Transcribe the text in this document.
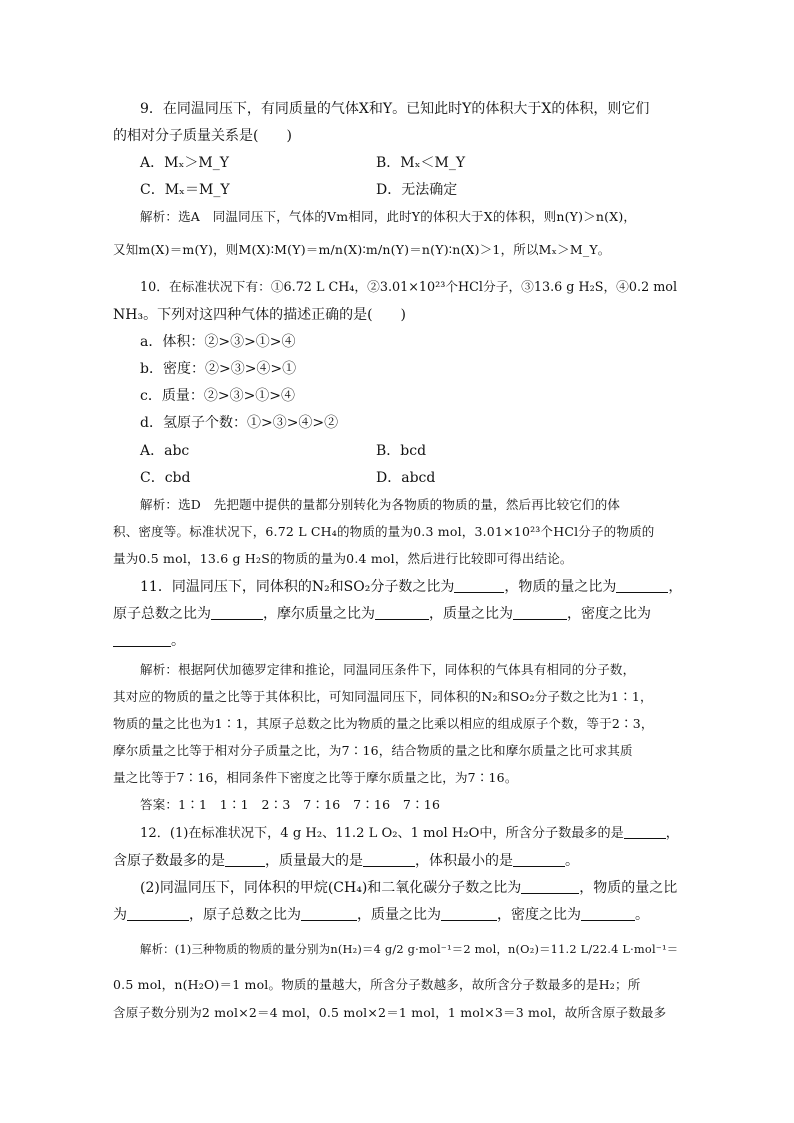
9．在同温同压下，有同质量的气体X和Y。已知此时Y的体积大于X的体积，则它们
的相对分子质量关系是(　　)
A．Mₓ＞M_Y	B．Mₓ＜M_Y
C．Mₓ＝M_Y	D．无法确定
解析：选A　同温同压下，气体的Vm相同，此时Y的体积大于X的体积，则n(Y)＞n(X)，
又知m(X)＝m(Y)，则M(X)∶M(Y)＝m/n(X)∶m/n(Y)＝n(Y)∶n(X)＞1，所以Mₓ＞M_Y。
10．在标准状况下有：①6.72 L CH₄，②3.01×10²³个HCl分子，③13.6 g H₂S，④0.2 mol
NH₃。下列对这四种气体的描述正确的是(　　)
a．体积：②>③>①>④
b．密度：②>③>④>①
c．质量：②>③>①>④
d．氢原子个数：①>③>④>②
A．abc	B．bcd
C．cbd	D．abcd
解析：选D　先把题中提供的量都分别转化为各物质的物质的量，然后再比较它们的体
积、密度等。标准状况下，6.72 L CH₄的物质的量为0.3 mol，3.01×10²³个HCl分子的物质的
量为0.5 mol，13.6 g H₂S的物质的量为0.4 mol，然后进行比较即可得出结论。
11．同温同压下，同体积的N₂和SO₂分子数之比为	，物质的量之比为	，
原子总数之比为	，摩尔质量之比为	，质量之比为	，密度之比为
。
解析：根据阿伏加德罗定律和推论，同温同压条件下，同体积的气体具有相同的分子数，
其对应的物质的量之比等于其体积比，可知同温同压下，同体积的N₂和SO₂分子数之比为1∶1，
物质的量之比也为1∶1，其原子总数之比为物质的量之比乘以相应的组成原子个数，等于2∶3，
摩尔质量之比等于相对分子质量之比，为7∶16，结合物质的量之比和摩尔质量之比可求其质
量之比等于7∶16，相同条件下密度之比等于摩尔质量之比，为7∶16。
答案：1∶1　1∶1　2∶3　7∶16　7∶16　7∶16
12．(1)在标准状况下，4 g H₂、11.2 L O₂、1 mol H₂O中，所含分子数最多的是	，
含原子数最多的是	，质量最大的是	，体积最小的是	。
(2)同温同压下，同体积的甲烷(CH₄)和二氧化碳分子数之比为	，物质的量之比
为	，原子总数之比为	，质量之比为	，密度之比为	。
解析：(1)三种物质的物质的量分别为n(H₂)＝4 g/2 g·mol⁻¹＝2 mol，n(O₂)＝11.2 L/22.4 L·mol⁻¹＝
0.5 mol，n(H₂O)＝1 mol。物质的量越大，所含分子数越多，故所含分子数最多的是H₂；所
含原子数分别为2 mol×2＝4 mol，0.5 mol×2＝1 mol，1 mol×3＝3 mol，故所含原子数最多
